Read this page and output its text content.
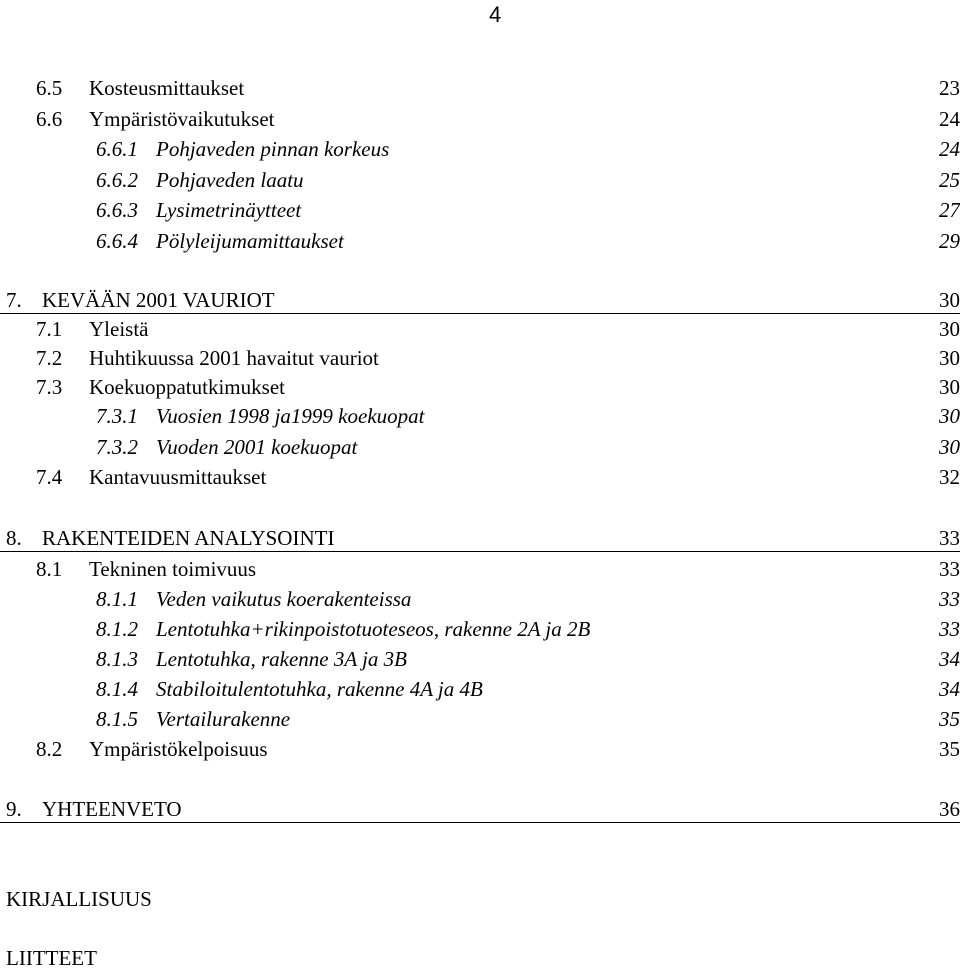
4
6.5 Kosteusmittaukset	23
6.6 Ympäristövaikutukset	24
6.6.1 Pohjaveden pinnan korkeus	24
6.6.2 Pohjaveden laatu	25
6.6.3 Lysimetrinäytteet	27
6.6.4 Pölyleijumamittaukset	29
7. KEVÄÄN 2001 VAURIOT	30
7.1 Yleistä	30
7.2 Huhtikuussa 2001 havaitut vauriot	30
7.3 Koekuoppatutkimukset	30
7.3.1 Vuosien 1998 ja1999 koekuopat	30
7.3.2 Vuoden 2001 koekuopat	30
7.4 Kantavuusmittaukset	32
8. RAKENTEIDEN ANALYSOINTI	33
8.1 Tekninen toimivuus	33
8.1.1 Veden vaikutus koerakenteissa	33
8.1.2 Lentotuhka+rikinpoistotuoteseos, rakenne 2A ja 2B	33
8.1.3 Lentotuhka, rakenne 3A ja 3B	34
8.1.4 Stabiloitulentotuhka, rakenne 4A ja 4B	34
8.1.5 Vertailurakenne	35
8.2 Ympäristökelpoisuus	35
9. YHTEENVETO	36
KIRJALLISUUS
LIITTEET
